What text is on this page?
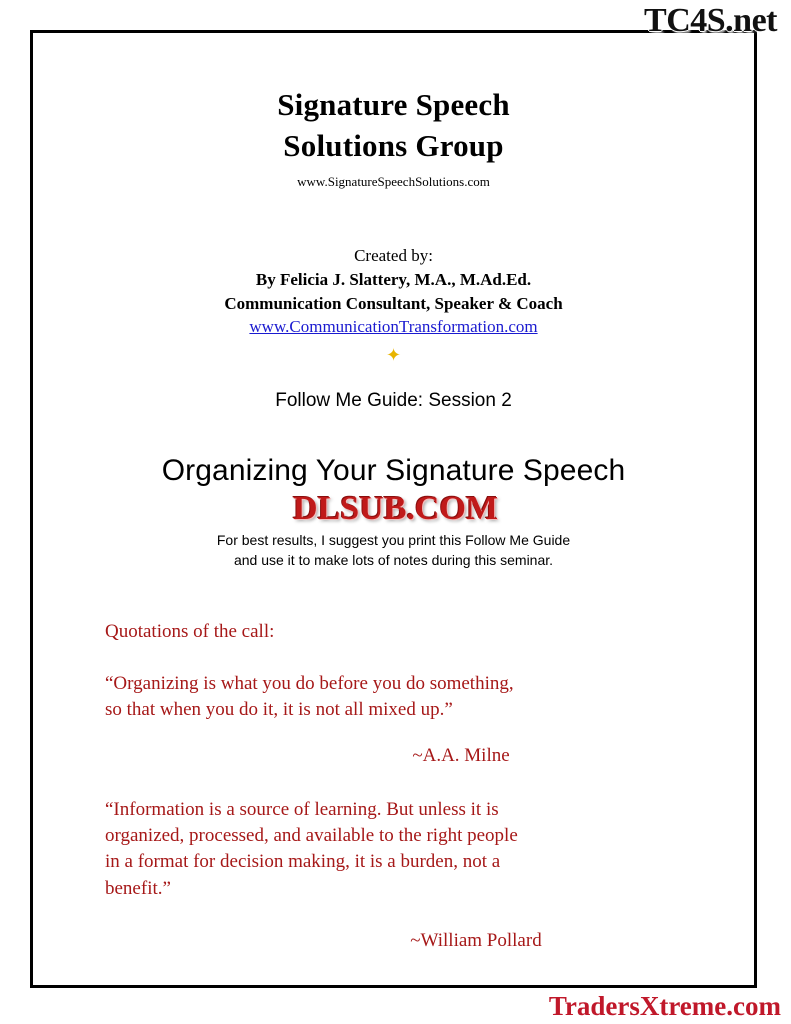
Signature Speech
Solutions Group
www.SignatureSpeechSolutions.com
Created by:
By Felicia J. Slattery, M.A., M.Ad.Ed.
Communication Consultant, Speaker & Coach
www.CommunicationTransformation.com
✦
Follow Me Guide: Session 2
Organizing Your Signature Speech
For best results, I suggest you print this Follow Me Guide
and use it to make lots of notes during this seminar.
Quotations of the call:
“Organizing is what you do before you do something,
so that when you do it, it is not all mixed up.”
~A.A. Milne
“Information is a source of learning. But unless it is
organized, processed, and available to the right people
in a format for decision making, it is a burden, not a
benefit.”
~William Pollard
TC4S.net
DLSUB.COM
TradersXtreme.com
